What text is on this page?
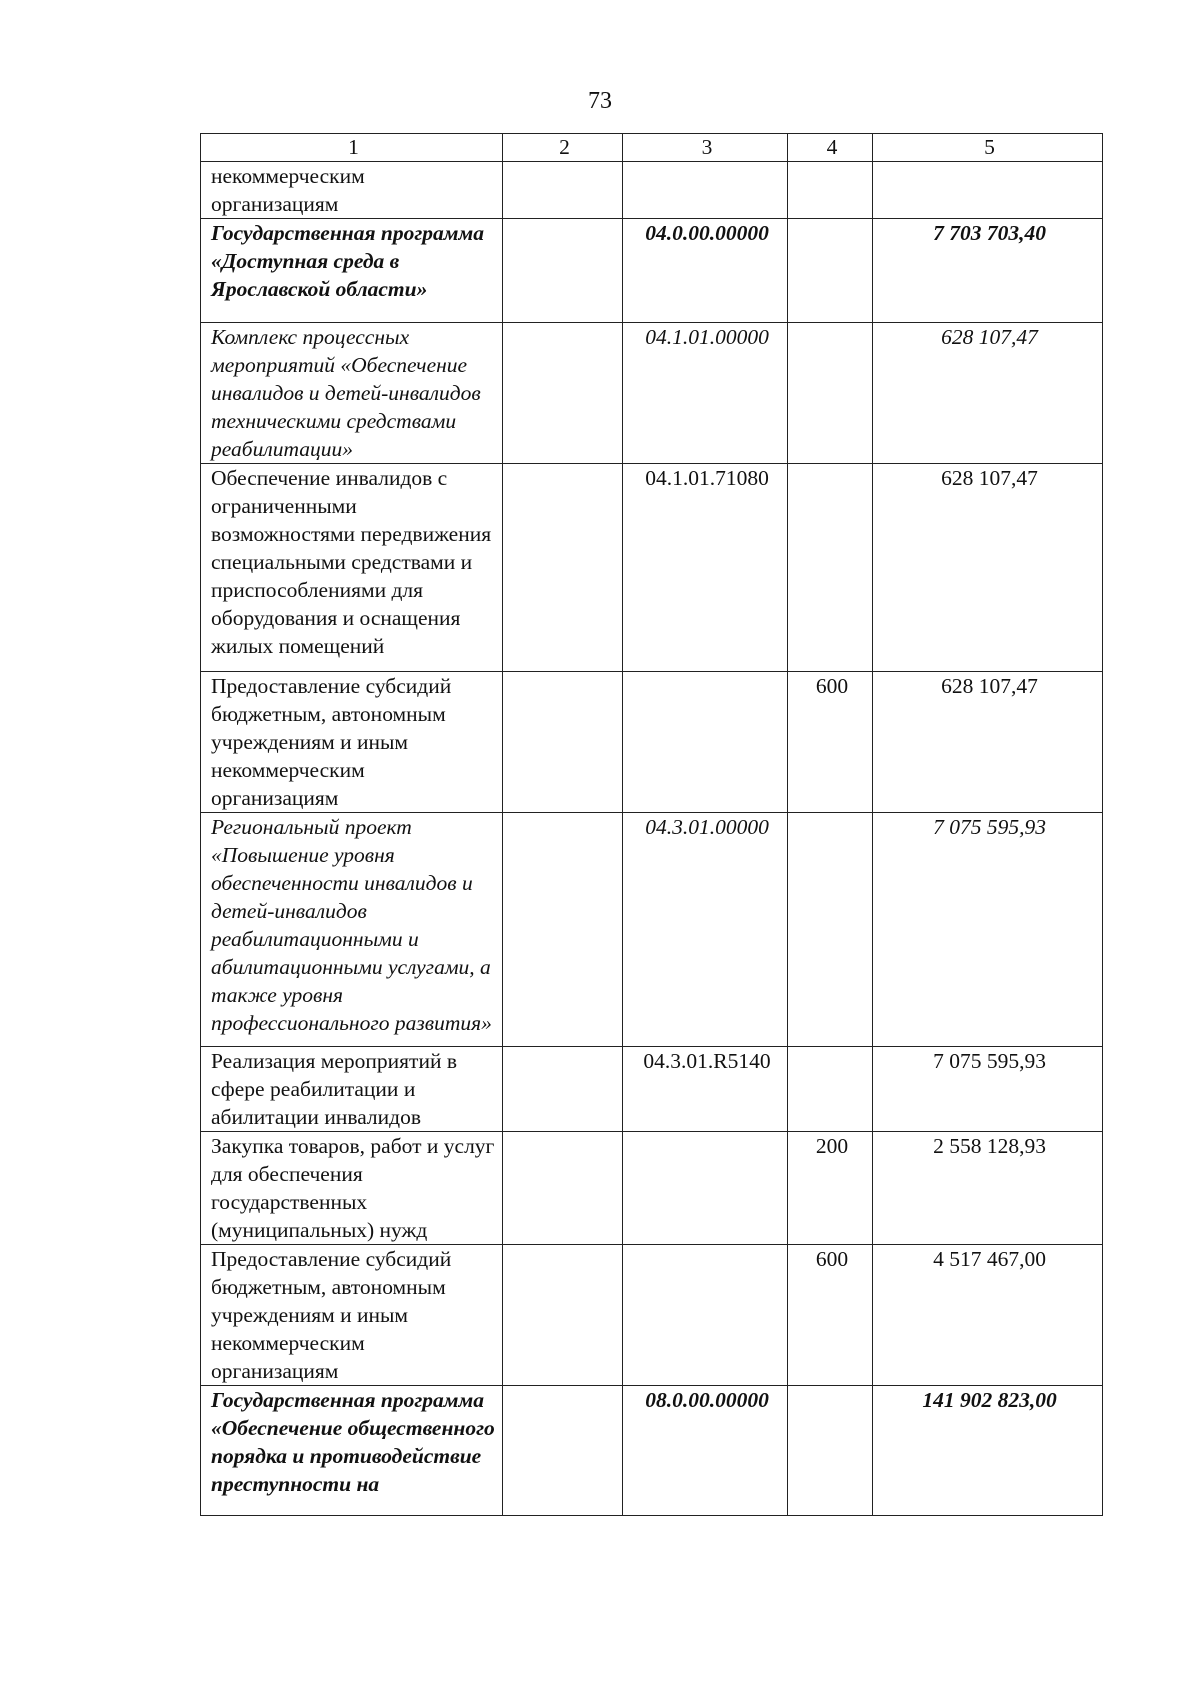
73
1	2	3	4	5
некоммерческим организациям				
Государственная программа «Доступная среда в Ярославской области»		04.0.00.00000		7 703 703,40
Комплекс процессных мероприятий «Обеспечение инвалидов и детей-инвалидов техническими средствами реабилитации»		04.1.01.00000		628 107,47
Обеспечение инвалидов с ограниченными возможностями передвижения специальными средствами и приспособлениями для оборудования и оснащения жилых помещений		04.1.01.71080		628 107,47
Предоставление субсидий бюджетным, автономным учреждениям и иным некоммерческим организациям			600	628 107,47
Региональный проект «Повышение уровня обеспеченности инвалидов и детей-инвалидов реабилитационными и абилитационными услугами, а также уровня профессионального развития»		04.3.01.00000		7 075 595,93
Реализация мероприятий в сфере реабилитации и абилитации инвалидов		04.3.01.R5140		7 075 595,93
Закупка товаров, работ и услуг для обеспечения государственных (муниципальных) нужд			200	2 558 128,93
Предоставление субсидий бюджетным, автономным учреждениям и иным некоммерческим организациям			600	4 517 467,00
Государственная программа «Обеспечение общественного порядка и противодействие преступности на		08.0.00.00000		141 902 823,00
